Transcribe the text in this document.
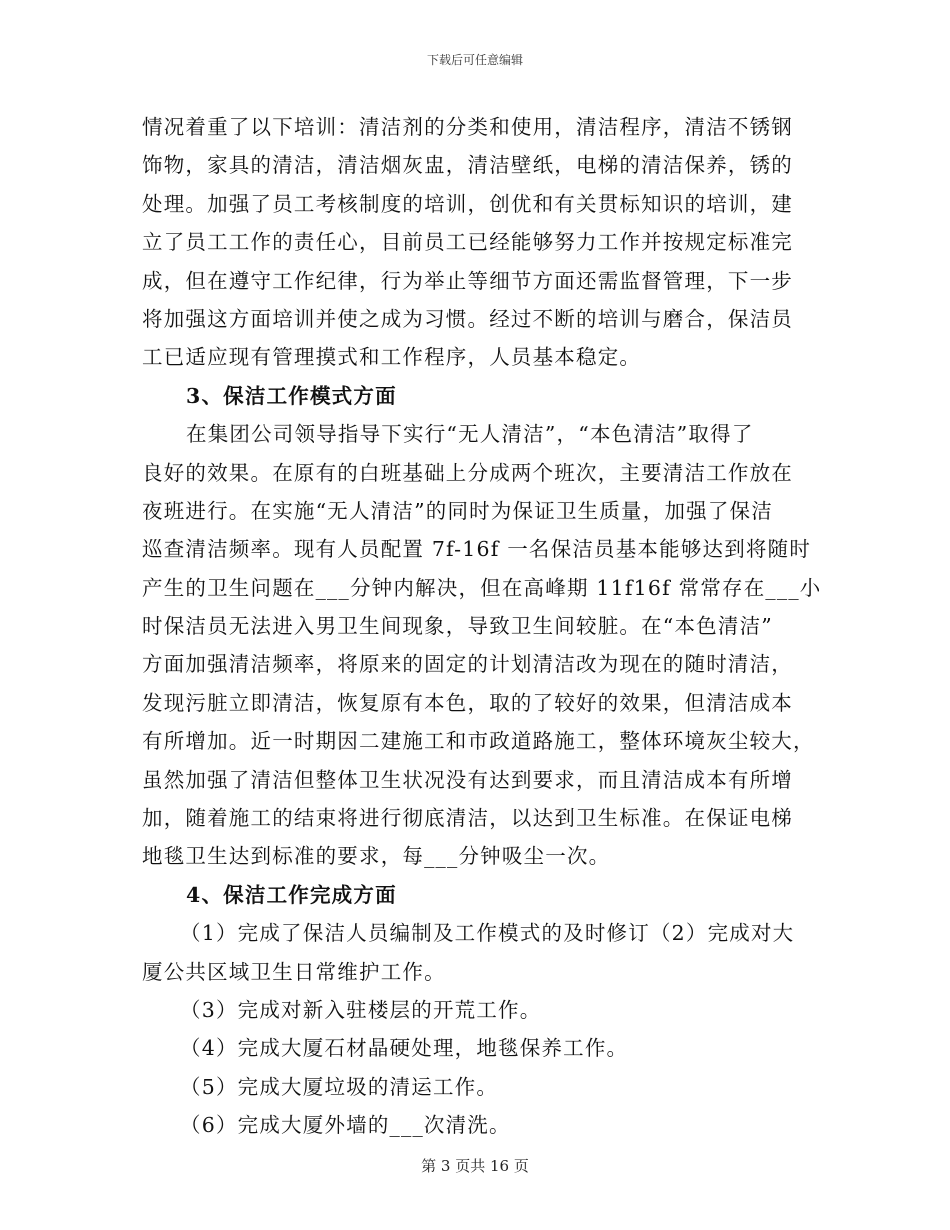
下载后可任意编辑
情况着重了以下培训：清洁剂的分类和使用，清洁程序，清洁不锈钢
饰物，家具的清洁，清洁烟灰盅，清洁壁纸，电梯的清洁保养，锈的
处理。加强了员工考核制度的培训，创优和有关贯标知识的培训，建
立了员工工作的责任心，目前员工已经能够努力工作并按规定标准完
成，但在遵守工作纪律，行为举止等细节方面还需监督管理，下一步
将加强这方面培训并使之成为习惯。经过不断的培训与磨合，保洁员
工已适应现有管理摸式和工作程序，人员基本稳定。
3、保洁工作模式方面
在集团公司领导指导下实行“无人清洁”，“本色清洁”取得了
良好的效果。在原有的白班基础上分成两个班次，主要清洁工作放在
夜班进行。在实施“无人清洁”的同时为保证卫生质量，加强了保洁
巡查清洁频率。现有人员配置 7f-16f 一名保洁员基本能够达到将随时
产生的卫生问题在___分钟内解决，但在高峰期 11f16f 常常存在___小
时保洁员无法进入男卫生间现象，导致卫生间较脏。在“本色清洁”
方面加强清洁频率，将原来的固定的计划清洁改为现在的随时清洁，
发现污脏立即清洁，恢复原有本色，取的了较好的效果，但清洁成本
有所增加。近一时期因二建施工和市政道路施工，整体环境灰尘较大，
虽然加强了清洁但整体卫生状况没有达到要求，而且清洁成本有所增
加，随着施工的结束将进行彻底清洁，以达到卫生标准。在保证电梯
地毯卫生达到标准的要求，每___分钟吸尘一次。
4、保洁工作完成方面
（1）完成了保洁人员编制及工作模式的及时修订（2）完成对大
厦公共区域卫生日常维护工作。
（3）完成对新入驻楼层的开荒工作。
（4）完成大厦石材晶硬处理，地毯保养工作。
（5）完成大厦垃圾的清运工作。
（6）完成大厦外墙的___次清洗。
第 3 页共 16 页
